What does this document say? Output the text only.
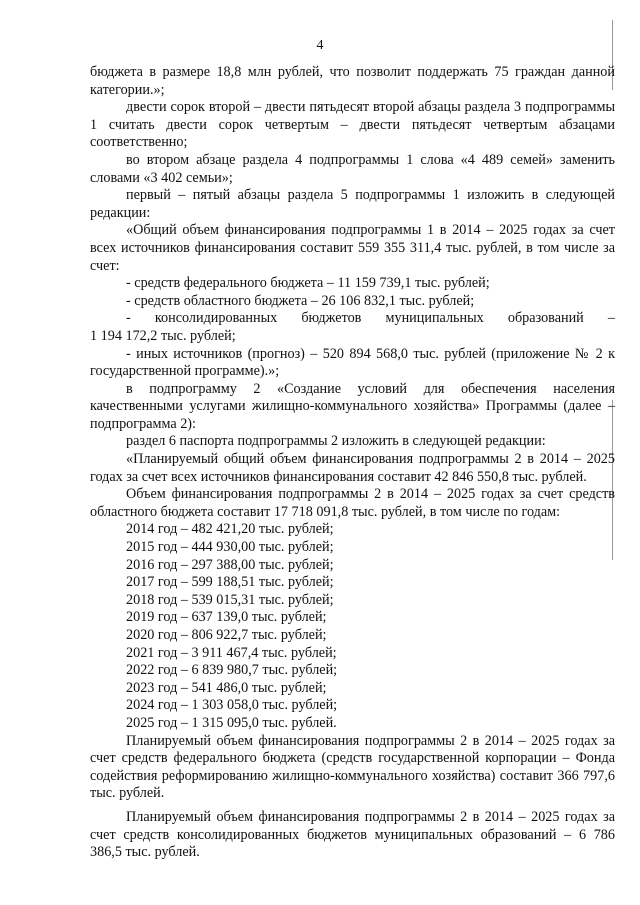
4

бюджета в размере 18,8 млн рублей, что позволит поддержать 75 граждан данной категории.»;

двести сорок второй – двести пятьдесят второй абзацы раздела 3 подпрограммы 1 считать двести сорок четвертым – двести пятьдесят четвертым абзацами соответственно;

во втором абзаце раздела 4 подпрограммы 1 слова «4 489 семей» заменить словами «3 402 семьи»;

первый – пятый абзацы раздела 5 подпрограммы 1 изложить в следующей редакции:

«Общий объем финансирования подпрограммы 1 в 2014 – 2025 годах за счет всех источников финансирования составит 559 355 311,4 тыс. рублей, в том числе за счет:

- средств федерального бюджета – 11 159 739,1 тыс. рублей;

- средств областного бюджета – 26 106 832,1 тыс. рублей;

- консолидированных бюджетов муниципальных образований –

1 194 172,2 тыс. рублей;

- иных источников (прогноз) – 520 894 568,0 тыс. рублей (приложение № 2 к государственной программе).»;

в подпрограмму 2 «Создание условий для обеспечения населения качественными услугами жилищно-коммунального хозяйства» Программы (далее – подпрограмма 2):

раздел 6 паспорта подпрограммы 2 изложить в следующей редакции:

«Планируемый общий объем финансирования подпрограммы 2 в 2014 – 2025 годах за счет всех источников финансирования составит 42 846 550,8 тыс. рублей.

Объем финансирования подпрограммы 2 в 2014 – 2025 годах за счет средств областного бюджета составит 17 718 091,8 тыс. рублей, в том числе по годам:

2014 год – 482 421,20 тыс. рублей;

2015 год – 444 930,00 тыс. рублей;

2016 год – 297 388,00 тыс. рублей;

2017 год – 599 188,51 тыс. рублей;

2018 год – 539 015,31 тыс. рублей;

2019 год – 637 139,0 тыс. рублей;

2020 год – 806 922,7 тыс. рублей;

2021 год – 3 911 467,4 тыс. рублей;

2022 год – 6 839 980,7 тыс. рублей;

2023 год – 541 486,0 тыс. рублей;

2024 год – 1 303 058,0 тыс. рублей;

2025 год – 1 315 095,0 тыс. рублей.

Планируемый объем финансирования подпрограммы 2 в 2014 – 2025 годах за счет средств федерального бюджета (средств государственной корпорации – Фонда содействия реформированию жилищно-коммунального хозяйства) составит 366 797,6 тыс. рублей.

Планируемый объем финансирования подпрограммы 2 в 2014 – 2025 годах за счет средств консолидированных бюджетов муниципальных образований – 6 786 386,5 тыс. рублей.
